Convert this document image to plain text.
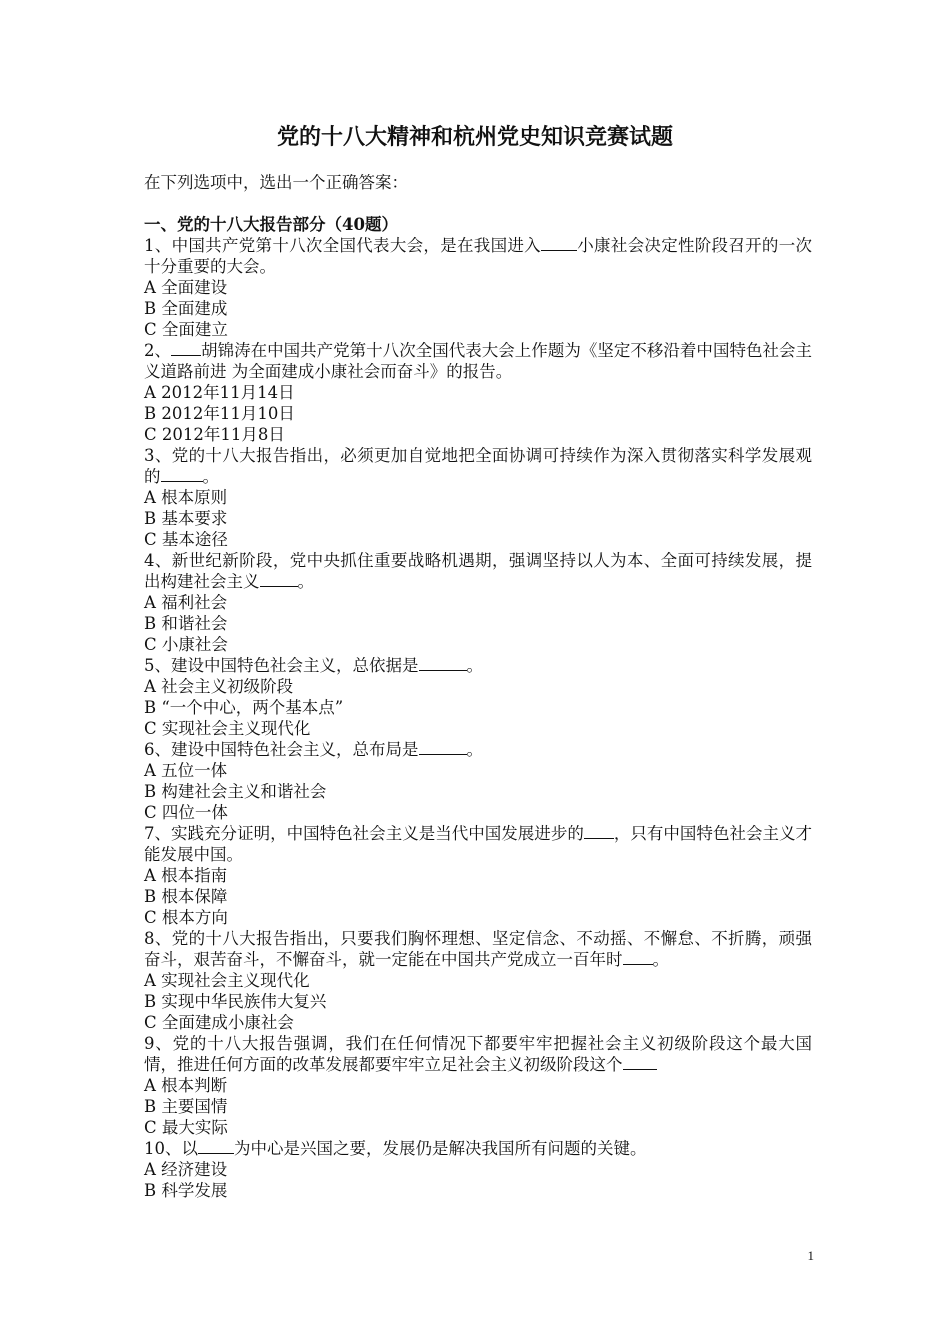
党的十八大精神和杭州党史知识竞赛试题

在下列选项中，选出一个正确答案：

一、党的十八大报告部分（40题）

1、中国共产党第十八次全国代表大会，是在我国进入 小康社会决定性阶段召开的一次十分重要的大会。

A 全面建设

B 全面建成

C 全面建立

2、 胡锦涛在中国共产党第十八次全国代表大会上作题为《坚定不移沿着中国特色社会主义道路前进 为全面建成小康社会而奋斗》的报告。

A 2012年11月14日

B 2012年11月10日

C 2012年11月8日

3、党的十八大报告指出，必须更加自觉地把全面协调可持续作为深入贯彻落实科学发展观的	。

A 根本原则

B 基本要求

C 基本途径

4、新世纪新阶段，党中央抓住重要战略机遇期，强调坚持以人为本、全面可持续发展，提出构建社会主义 。

A 福利社会

B 和谐社会

C 小康社会

5、建设中国特色社会主义，总依据是	。

A 社会主义初级阶段

B “一个中心，两个基本点”

C 实现社会主义现代化

6、建设中国特色社会主义，总布局是	。

A 五位一体

B 构建社会主义和谐社会

C 四位一体

7、实践充分证明，中国特色社会主义是当代中国发展进步的 ，只有中国特色社会主义才能发展中国。

A 根本指南

B 根本保障

C 根本方向

8、党的十八大报告指出，只要我们胸怀理想、坚定信念、不动摇、不懈怠、不折腾，顽强奋斗，艰苦奋斗，不懈奋斗，就一定能在中国共产党成立一百年时 。

A 实现社会主义现代化

B 实现中华民族伟大复兴

C 全面建成小康社会

9、党的十八大报告强调，我们在任何情况下都要牢牢把握社会主义初级阶段这个最大国情，推进任何方面的改革发展都要牢牢立足社会主义初级阶段这个

A 根本判断

B 主要国情

C 最大实际

10、以 为中心是兴国之要，发展仍是解决我国所有问题的关键。

A 经济建设

B 科学发展

1
